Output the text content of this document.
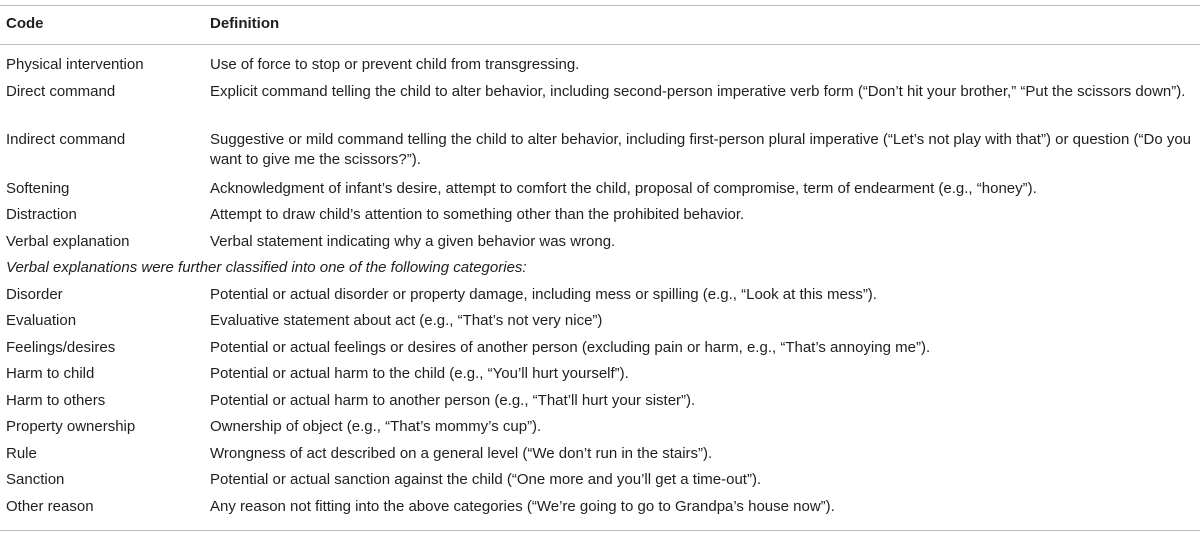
Code	Definition
Physical intervention	Use of force to stop or prevent child from transgressing.
Direct command	Explicit command telling the child to alter behavior, including second-person imperative verb form (“Don’t hit your brother,” “Put the scissors down”).
Indirect command	Suggestive or mild command telling the child to alter behavior, including first-person plural imperative (“Let’s not play with that”) or question (“Do you want to give me the scissors?”).
Softening	Acknowledgment of infant’s desire, attempt to comfort the child, proposal of compromise, term of endearment (e.g., “honey”).
Distraction	Attempt to draw child’s attention to something other than the prohibited behavior.
Verbal explanation	Verbal statement indicating why a given behavior was wrong.
Verbal explanations were further classified into one of the following categories:
Disorder	Potential or actual disorder or property damage, including mess or spilling (e.g., “Look at this mess”).
Evaluation	Evaluative statement about act (e.g., “That’s not very nice”)
Feelings/desires	Potential or actual feelings or desires of another person (excluding pain or harm, e.g., “That’s annoying me”).
Harm to child	Potential or actual harm to the child (e.g., “You’ll hurt yourself”).
Harm to others	Potential or actual harm to another person (e.g., “That’ll hurt your sister”).
Property ownership	Ownership of object (e.g., “That’s mommy’s cup”).
Rule	Wrongness of act described on a general level (“We don’t run in the stairs”).
Sanction	Potential or actual sanction against the child (“One more and you’ll get a time-out”).
Other reason	Any reason not fitting into the above categories (“We’re going to go to Grandpa’s house now”).
